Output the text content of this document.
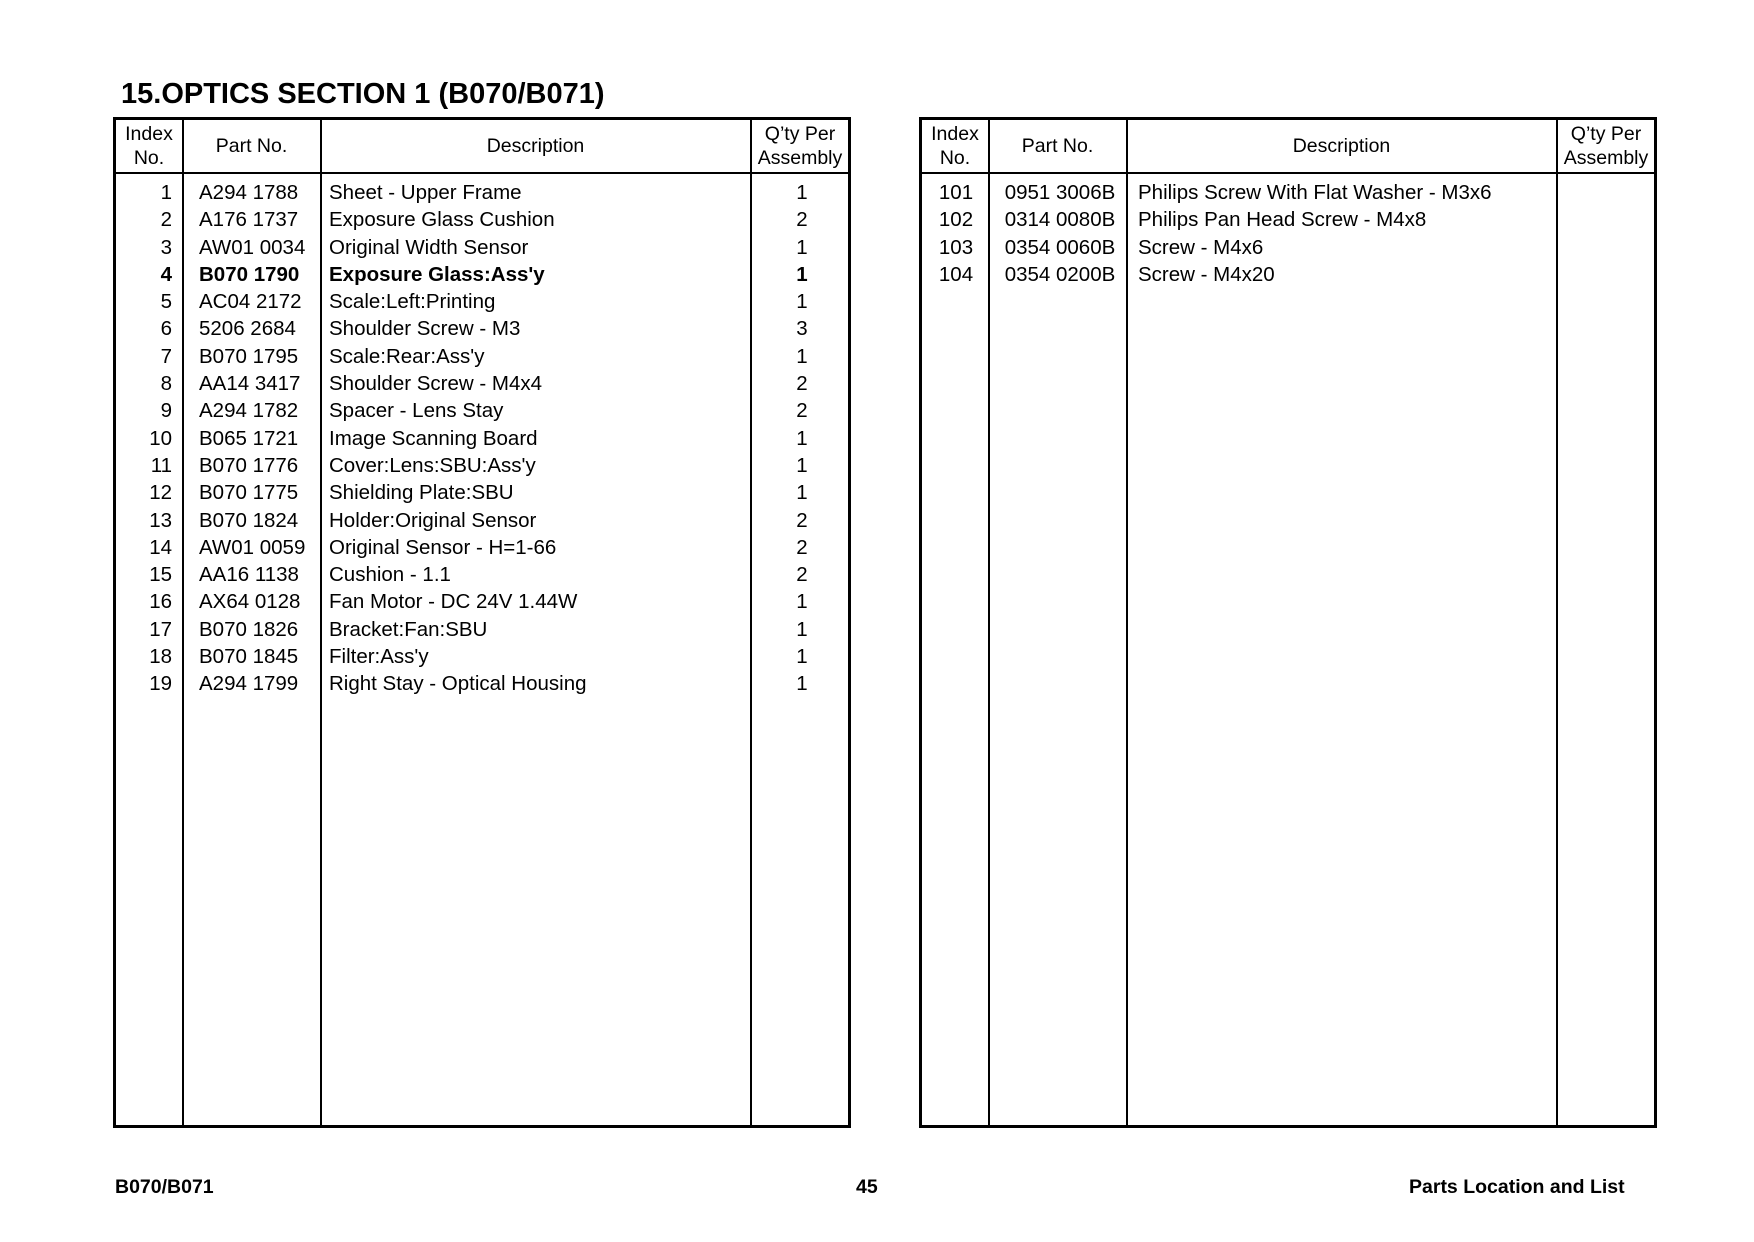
15.OPTICS SECTION 1 (B070/B071)
Index
No.
Part No.	Description
Q’ty Per
Assembly
1 A294 1788	Sheet - Upper Frame	1
2 A176 1737	Exposure Glass Cushion	2
3 AW01 0034	Original Width Sensor	1
4 B070 1790	Exposure Glass:Ass'y	1
5 AC04 2172	Scale:Left:Printing	1
6 5206 2684	Shoulder Screw - M3	3
7 B070 1795	Scale:Rear:Ass'y	1
8 AA14 3417	Shoulder Screw - M4x4	2
9 A294 1782	Spacer - Lens Stay	2
10 B065 1721	Image Scanning Board	1
11 B070 1776	Cover:Lens:SBU:Ass'y	1
12 B070 1775	Shielding Plate:SBU	1
13 B070 1824	Holder:Original Sensor	2
14 AW01 0059	Original Sensor - H=1-66	2
15 AA16 1138	Cushion - 1.1	2
16 AX64 0128	Fan Motor - DC 24V 1.44W	1
17 B070 1826	Bracket:Fan:SBU	1
18 B070 1845	Filter:Ass'y	1
19 A294 1799	Right Stay - Optical Housing	1
Index
No.
Part No.	Description
Q’ty Per
Assembly
101	0951 3006B	Philips Screw With Flat Washer - M3x6
102	0314 0080B	Philips Pan Head Screw - M4x8
103	0354 0060B	Screw - M4x6
104	0354 0200B	Screw - M4x20
B070/B071	45	Parts Location and List
